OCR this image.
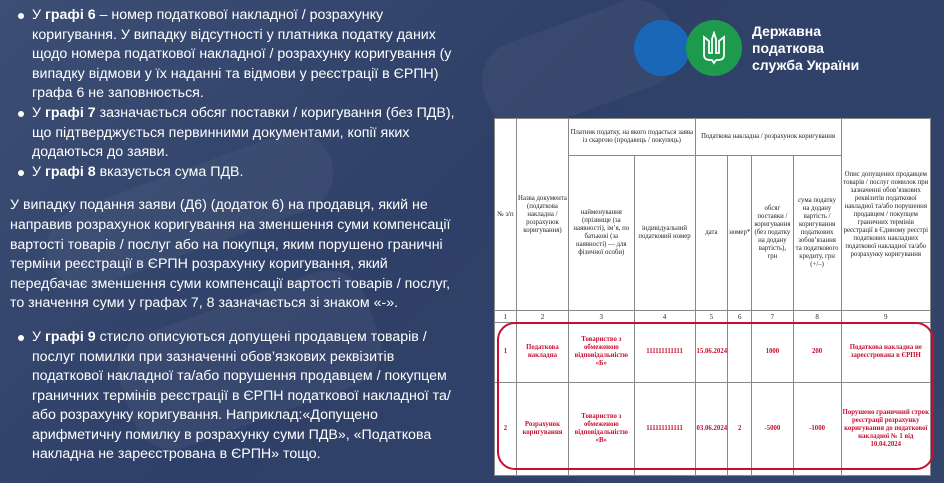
У графі 6 – номер податкової накладної / розрахунку коригування. У випадку відсутності у платника податку даних щодо номера податкової накладної / розрахунку коригування (у випадку відмови у їх наданні та відмови у реєстрації в ЄРПН) графа 6 не заповнюється.

У графі 7 зазначається обсяг поставки / коригування (без ПДВ), що підтверджується первинними документами, копії яких додаються до заяви.

У графі 8 вказується сума ПДВ.

У випадку подання заяви (Д6) (додаток 6) на продавця, який не направив розрахунок коригування на зменшення суми компенсації вартості товарів / послуг або на покупця, яким порушено граничні терміни реєстрації в ЄРПН розрахунку коригування, який передбачає зменшення суми компенсації вартості товарів / послуг, то значення суми у графах 7, 8 зазначається зі знаком «-».

У графі 9 стисло описуються допущені продавцем товарів / послуг помилки при зазначенні обов’язкових реквізитів податкової накладної та/або порушення продавцем / покупцем граничних термінів реєстрації в ЄРПН податкової накладної та/або розрахунку коригування. Наприклад:«Допущено арифметичну помилку в розрахунку суми ПДВ», «Податкова накладна не зареєстрована в ЄРПН» тощо.

Державна
податкова
служба України
№ з/п	Назва документа (податкова накладна / розрахунок коригування)	Платник податку, на якого подається заява із скаргою (продавець / покупець)		Податкова накладна / розрахунок коригування				Опис допущених продавцем товарів / послуг помилок при зазначенні обов’язкових реквізитів податкової накладної та/або порушення продавцем / покупцем граничних термінів реєстрації в Єдиному реєстрі податкових накладних податкової накладної та/або розрахунку коригування
		найменування (прізвище (за наявності), ім’я, по батькові (за наявності) — для фізичної особи)	індивідуальний податковий номер	дата	номер*	обсяг поставки / коригування (без податку на додану вартість), грн	сума податку на додану вартість / коригування податкових зобов’язання та податкового кредиту, грн (+/–)	
1	2	3	4	5	6	7	8	9
1	Податкова накладна	Товариство з обмеженою відповідальністю «Б»	111111111111	15.06.2024		1000	200	Податкова накладна не зареєстрована в ЄРПН
2	Розрахунок коригування	Товариство з обмеженою відповідальністю «В»	111111111111	03.06.2024	2	-5000	-1000	Порушено граничний строк реєстрації розрахунку коригування до податкової накладної № 1 від 10.04.2024
